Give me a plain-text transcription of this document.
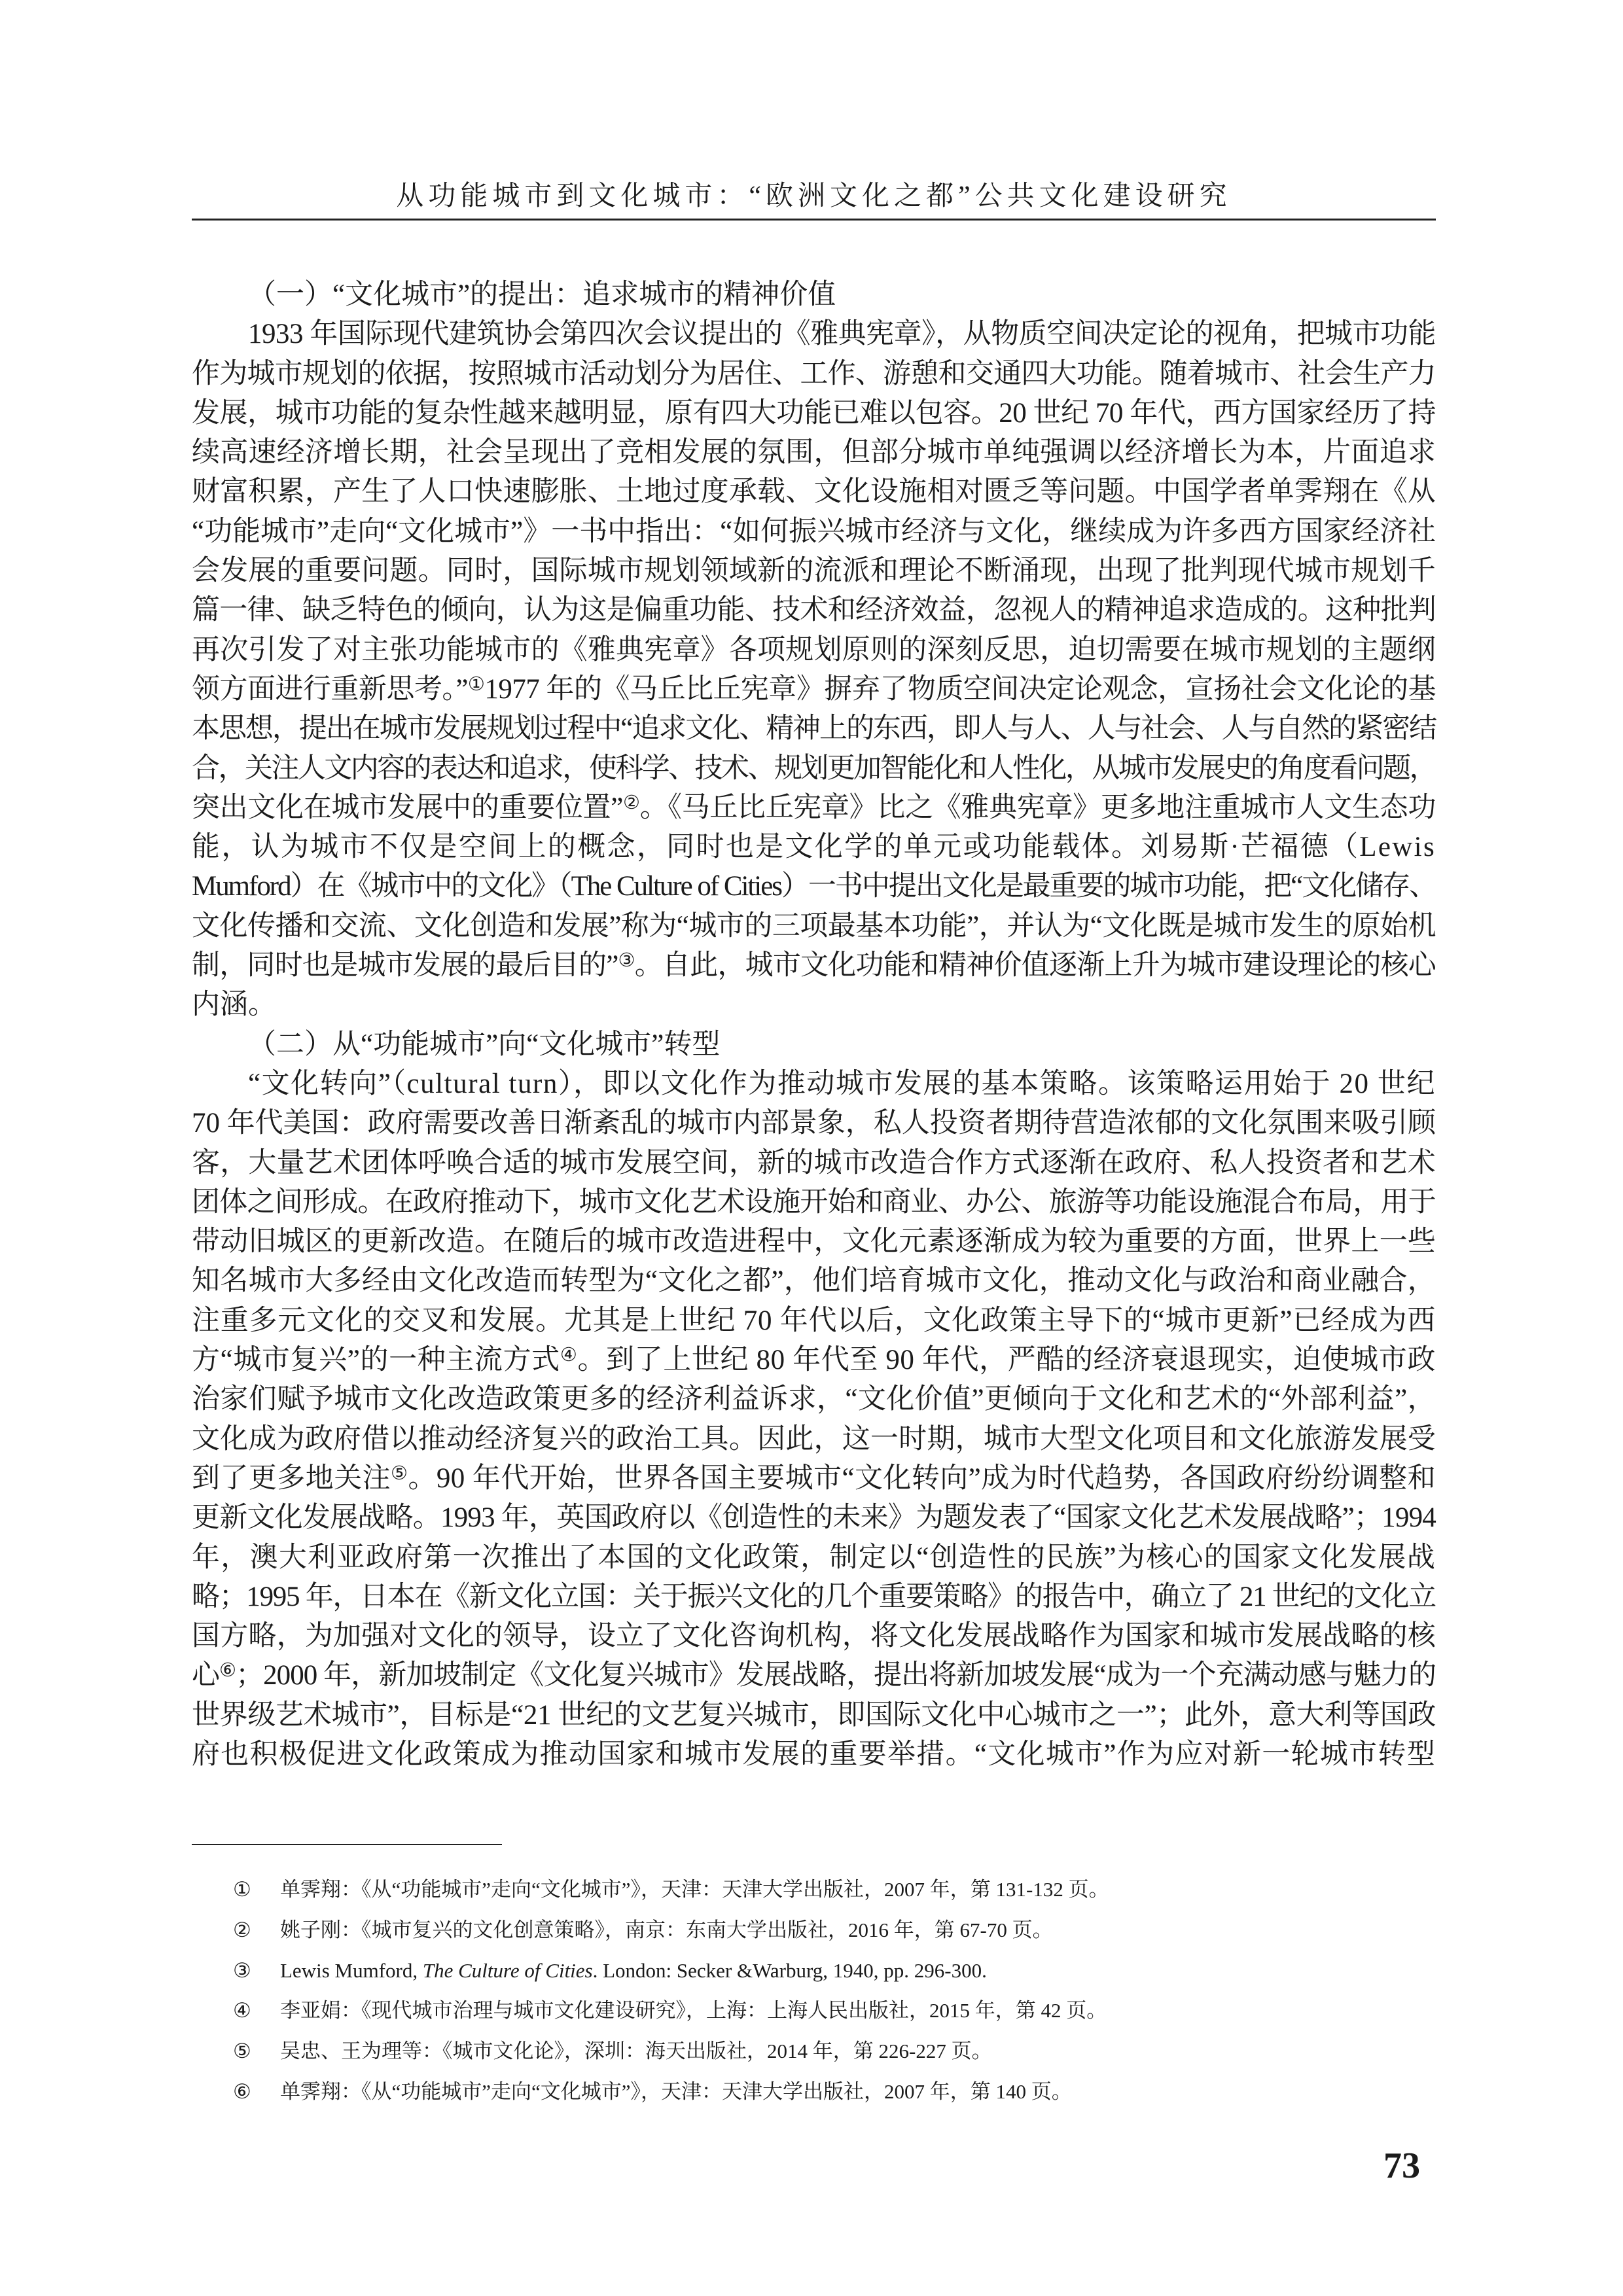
从功能城市到文化城市：“欧洲文化之都”公共文化建设研究
（一）“文化城市”的提出：追求城市的精神价值
1933 年国际现代建筑协会第四次会议提出的《雅典宪章》，从物质空间决定论的视角，把城市功能
作为城市规划的依据，按照城市活动划分为居住、工作、游憩和交通四大功能。随着城市、社会生产力
发展，城市功能的复杂性越来越明显，原有四大功能已难以包容。20 世纪 70 年代，西方国家经历了持
续高速经济增长期，社会呈现出了竞相发展的氛围，但部分城市单纯强调以经济增长为本，片面追求
财富积累，产生了人口快速膨胀、土地过度承载、文化设施相对匮乏等问题。中国学者单霁翔在《从
“功能城市”走向“文化城市”》一书中指出：“如何振兴城市经济与文化，继续成为许多西方国家经济社
会发展的重要问题。同时，国际城市规划领域新的流派和理论不断涌现，出现了批判现代城市规划千
篇一律、缺乏特色的倾向，认为这是偏重功能、技术和经济效益，忽视人的精神追求造成的。这种批判
再次引发了对主张功能城市的《雅典宪章》各项规划原则的深刻反思，迫切需要在城市规划的主题纲
领方面进行重新思考。”①1977 年的《马丘比丘宪章》摒弃了物质空间决定论观念，宣扬社会文化论的基
本思想，提出在城市发展规划过程中“追求文化、精神上的东西，即人与人、人与社会、人与自然的紧密结
合，关注人文内容的表达和追求，使科学、技术、规划更加智能化和人性化，从城市发展史的角度看问题，
突出文化在城市发展中的重要位置”②。《马丘比丘宪章》比之《雅典宪章》更多地注重城市人文生态功
能，认为城市不仅是空间上的概念，同时也是文化学的单元或功能载体。刘易斯·芒福德（Lewis
Mumford）在《城市中的文化》（The Culture of Cities）一书中提出文化是最重要的城市功能，把“文化储存、
文化传播和交流、文化创造和发展”称为“城市的三项最基本功能”，并认为“文化既是城市发生的原始机
制，同时也是城市发展的最后目的”③。自此，城市文化功能和精神价值逐渐上升为城市建设理论的核心
内涵。
（二）从“功能城市”向“文化城市”转型
“文化转向”（cultural turn），即以文化作为推动城市发展的基本策略。该策略运用始于 20 世纪
70 年代美国：政府需要改善日渐紊乱的城市内部景象，私人投资者期待营造浓郁的文化氛围来吸引顾
客，大量艺术团体呼唤合适的城市发展空间，新的城市改造合作方式逐渐在政府、私人投资者和艺术
团体之间形成。在政府推动下，城市文化艺术设施开始和商业、办公、旅游等功能设施混合布局，用于
带动旧城区的更新改造。在随后的城市改造进程中，文化元素逐渐成为较为重要的方面，世界上一些
知名城市大多经由文化改造而转型为“文化之都”，他们培育城市文化，推动文化与政治和商业融合，
注重多元文化的交叉和发展。尤其是上世纪 70 年代以后，文化政策主导下的“城市更新”已经成为西
方“城市复兴”的一种主流方式④。到了上世纪 80 年代至 90 年代，严酷的经济衰退现实，迫使城市政
治家们赋予城市文化改造政策更多的经济利益诉求，“文化价值”更倾向于文化和艺术的“外部利益”，
文化成为政府借以推动经济复兴的政治工具。因此，这一时期，城市大型文化项目和文化旅游发展受
到了更多地关注⑤。90 年代开始，世界各国主要城市“文化转向”成为时代趋势，各国政府纷纷调整和
更新文化发展战略。1993 年，英国政府以《创造性的未来》为题发表了“国家文化艺术发展战略”；1994
年，澳大利亚政府第一次推出了本国的文化政策，制定以“创造性的民族”为核心的国家文化发展战
略；1995 年，日本在《新文化立国：关于振兴文化的几个重要策略》的报告中，确立了 21 世纪的文化立
国方略，为加强对文化的领导，设立了文化咨询机构，将文化发展战略作为国家和城市发展战略的核
心⑥；2000 年，新加坡制定《文化复兴城市》发展战略，提出将新加坡发展“成为一个充满动感与魅力的
世界级艺术城市”，目标是“21 世纪的文艺复兴城市，即国际文化中心城市之一”；此外，意大利等国政
府也积极促进文化政策成为推动国家和城市发展的重要举措。“文化城市”作为应对新一轮城市转型
① 单霁翔：《从“功能城市”走向“文化城市”》，天津：天津大学出版社，2007 年，第 131-132 页。
② 姚子刚：《城市复兴的文化创意策略》，南京：东南大学出版社，2016 年，第 67-70 页。
③ Lewis Mumford, The Culture of Cities. London: Secker &Warburg, 1940, pp. 296-300.
④ 李亚娟：《现代城市治理与城市文化建设研究》，上海：上海人民出版社，2015 年，第 42 页。
⑤ 吴忠、王为理等：《城市文化论》，深圳：海天出版社，2014 年，第 226-227 页。
⑥ 单霁翔：《从“功能城市”走向“文化城市”》，天津：天津大学出版社，2007 年，第 140 页。
73
